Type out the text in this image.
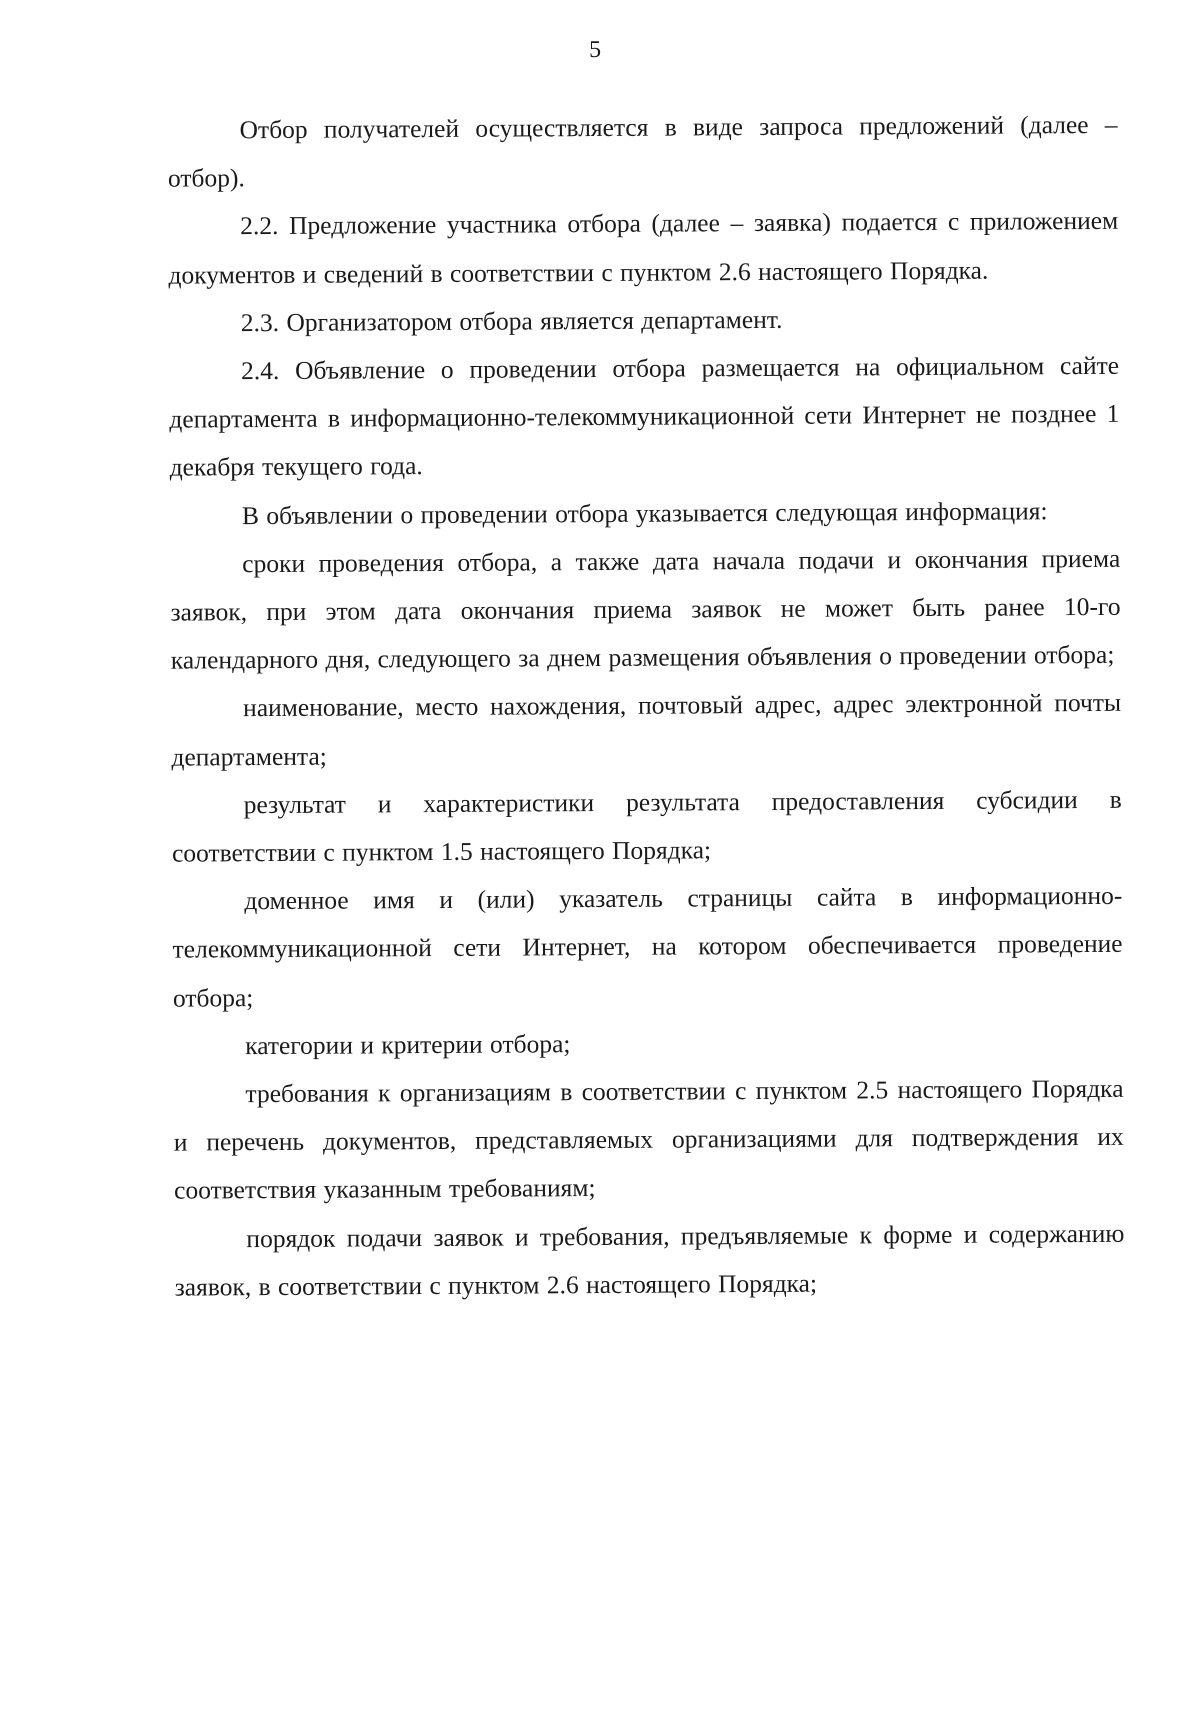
5

Отбор получателей осуществляется в виде запроса предложений (далее – отбор).

2.2. Предложение участника отбора (далее – заявка) подается с приложением документов и сведений в соответствии с пунктом 2.6 настоящего Порядка.

2.3. Организатором отбора является департамент.

2.4. Объявление о проведении отбора размещается на официальном сайте департамента в информационно-телекоммуникационной сети Интернет не позднее 1 декабря текущего года.

В объявлении о проведении отбора указывается следующая информация:

сроки проведения отбора, а также дата начала подачи и окончания приема заявок, при этом дата окончания приема заявок не может быть ранее 10-го календарного дня, следующего за днем размещения объявления о проведении отбора;

наименование, место нахождения, почтовый адрес, адрес электронной почты департамента;

результат и характеристики результата предоставления субсидии в соответствии с пунктом 1.5 настоящего Порядка;

доменное имя и (или) указатель страницы сайта в информационно-телекоммуникационной сети Интернет, на котором обеспечивается проведение отбора;

категории и критерии отбора;

требования к организациям в соответствии с пунктом 2.5 настоящего Порядка и перечень документов, представляемых организациями для подтверждения их соответствия указанным требованиям;

порядок подачи заявок и требования, предъявляемые к форме и содержанию заявок, в соответствии с пунктом 2.6 настоящего Порядка;
